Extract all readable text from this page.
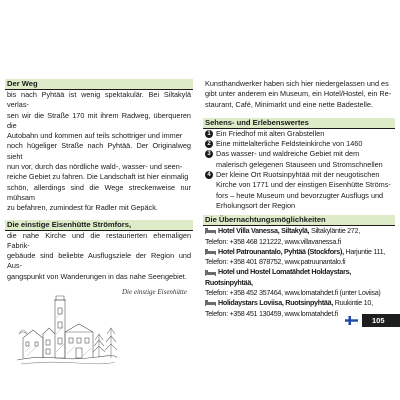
Der Weg

bis nach Pyhtää ist wenig spektakulär. Bei Siltakylä verlas-

sen wir die Straße 170 mit ihrem Radweg, überqueren die

Autobahn und kommen auf teils schottriger und immer

noch hügeliger Straße nach Pyhtää. Der Originalweg sieht

nun vor, durch das nördliche wald-, wasser- und seen-

reiche Gebiet zu fahren. Die Landschaft ist hier einmalig

schön, allerdings sind die Wege streckenweise nur mühsam

zu befahren, zumindest für Radler mit Gepäck.

Die einstige Eisenhütte Strömfors,

die nahe Kirche und die restaurierten ehemaligen Fabrik-

gebäude sind beliebte Ausflugsziele der Region und Aus-

gangspunkt von Wanderungen in das nahe Seengebiet.

Die einstige Eisenhütte

Kunsthandwerker haben sich hier niedergelassen und es

gibt unter anderem ein Museum, ein Hotel/Hostel, ein Re-

staurant, Café, Minimarkt und eine nette Badestelle.

Sehens- und Erlebenswertes
1 Ein Friedhof mit alten Grabstellen
2 Eine mittelalterliche Feldsteinkirche von 1460
3 Das wasser- und waldreiche Gebiet mit dem
malerisch gelegenen Stauseen und Stromschnellen
4 Der kleine Ort Ruotsinpyhtää mit der neugotischen
Kirche von 1771 und der einstigen Eisenhütte Ströms-
fors – heute Museum und bevorzugter Ausflugs und
Erholungsort der Region
Die Übernachtungsmöglichkeiten
Hotel Villa Vanessa, Siltakylä, Siltakyläntie 272,
Telefon: +358 468 121222, www.villavanessa.fi
Hotel Patrounantalo, Pyhtää (Stockfors), Harjuntie 111,
Telefon: +358 401 878752, www.patruunantalo.fi
Hotel und Hostel Lomatähdet Holdaystars, Ruotsinpyhtää,
Telefon: +358 452 357464, www.lomatahdet.fi (unter Loviisa)
Holidaystars Loviisa, Ruotsinpyhtää, Ruukintie 10,
Telefon: +358 451 130459, www.lomatahdet.fi
105
